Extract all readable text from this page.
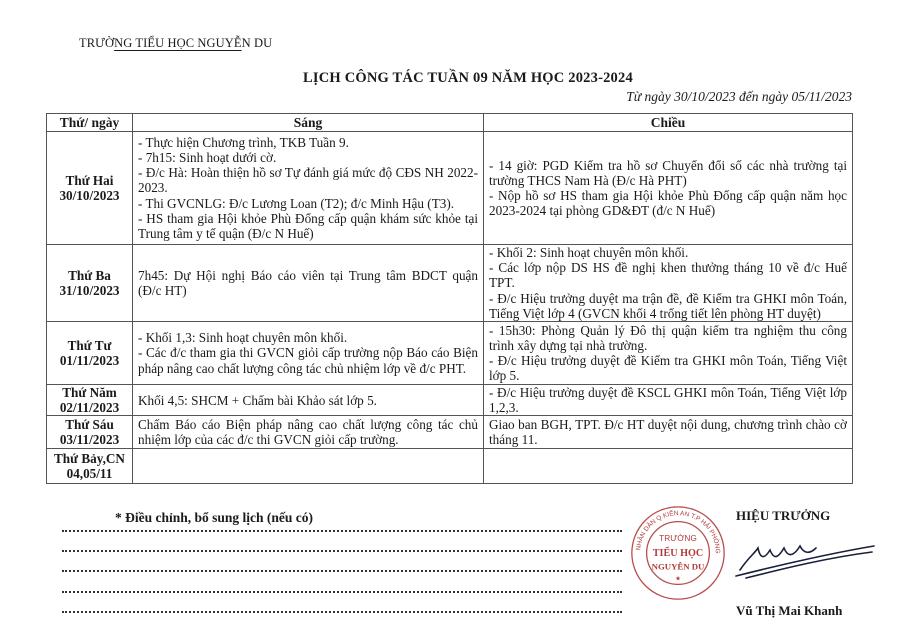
TRƯỜNG TIỂU HỌC NGUYỄN DU
LỊCH CÔNG TÁC TUẦN 09 NĂM HỌC 2023-2024
Từ ngày 30/10/2023 đến ngày 05/11/2023
Thứ/ ngày	Sáng	Chiều

Thứ Hai
30/10/2023	- Thực hiện Chương trình, TKB Tuần 9.
- 7h15: Sinh hoạt dưới cờ.
- Đ/c Hà: Hoàn thiện hồ sơ Tự đánh giá mức độ CĐS NH 2022-2023.
- Thi GVCNLG: Đ/c Lương Loan (T2); đ/c Minh Hậu (T3).
- HS tham gia Hội khỏe Phù Đổng cấp quận khám sức khỏe tại Trung tâm y tế quận (Đ/c N Huế)	- 14 giờ: PGD Kiểm tra hồ sơ Chuyển đổi số các nhà trường tại trường THCS Nam Hà (Đ/c Hà PHT)
- Nộp hồ sơ HS tham gia Hội khỏe Phù Đổng cấp quận năm học 2023-2024 tại phòng GD&ĐT (đ/c N Huế)

Thứ Ba
31/10/2023	7h45: Dự Hội nghị Báo cáo viên tại Trung tâm BDCT quận (Đ/c HT)	- Khối 2: Sinh hoạt chuyên môn khối.
- Các lớp nộp DS HS đề nghị khen thưởng tháng 10 về đ/c Huế TPT.
- Đ/c Hiệu trưởng duyệt ma trận đề, đề Kiểm tra GHKI môn Toán, Tiếng Việt lớp 4 (GVCN khối 4 trống tiết lên phòng HT duyệt)

Thứ Tư
01/11/2023	- Khối 1,3: Sinh hoạt chuyên môn khối.
- Các đ/c tham gia thi GVCN giỏi cấp trường nộp Báo cáo Biện pháp nâng cao chất lượng công tác chủ nhiệm lớp về đ/c PHT.	- 15h30: Phòng Quản lý Đô thị quận kiểm tra nghiệm thu công trình xây dựng tại nhà trường.
- Đ/c Hiệu trưởng duyệt đề Kiểm tra GHKI môn Toán, Tiếng Việt lớp 5.

Thứ Năm
02/11/2023	Khối 4,5: SHCM + Chấm bài Khảo sát lớp 5.	- Đ/c Hiệu trưởng duyệt đề KSCL GHKI môn Toán, Tiếng Việt lớp 1,2,3.

Thứ Sáu
03/11/2023	Chấm Báo cáo Biện pháp nâng cao chất lượng công tác chủ nhiệm lớp của các đ/c thi GVCN giỏi cấp trường.	Giao ban BGH, TPT. Đ/c HT duyệt nội dung, chương trình chào cờ tháng 11.

Thứ Bảy,CN
04,05/11		

* Điều chỉnh, bổ sung lịch (nếu có)
NHÂN DÂN Q.KIẾN AN T.P HẢI PHÒNG
TRƯỜNG
TIỂU HỌC
NGUYỄN DU
★
HIỆU TRƯỞNG
Vũ Thị Mai Khanh
